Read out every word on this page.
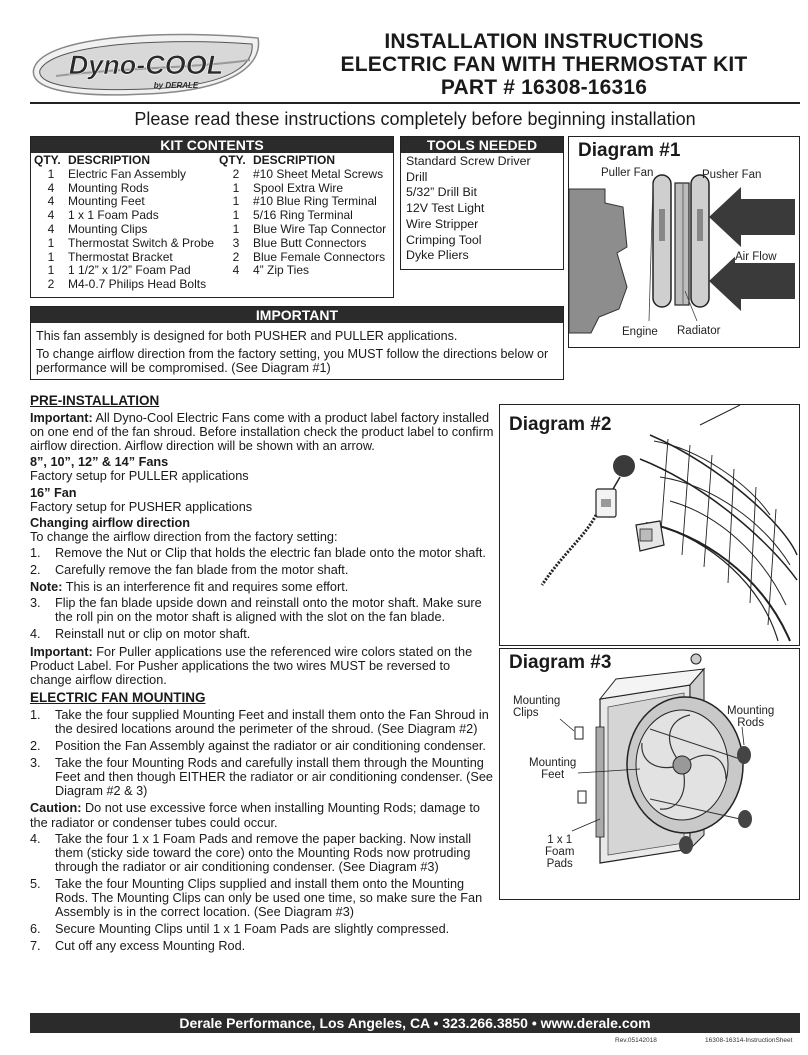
Dyno-COOL
by DERALE
INSTALLATION INSTRUCTIONS
ELECTRIC FAN WITH THERMOSTAT KIT
PART # 16308-16316
Please read these instructions completely before beginning installation
KIT CONTENTS
QTY. DESCRIPTION
1	Electric Fan Assembly
4	Mounting Rods
4	Mounting Feet
4	1 x 1 Foam Pads
4	Mounting Clips
1	Thermostat Switch & Probe
1	Thermostat Bracket
1	1 1/2” x 1/2” Foam Pad
2	M4-0.7 Philips Head Bolts
QTY. DESCRIPTION
2	#10 Sheet Metal Screws
1	Spool Extra Wire
1	#10 Blue Ring Terminal
1	5/16 Ring Terminal
1	Blue Wire Tap Connector
3	Blue Butt Connectors
2	Blue Female Connectors
4	4” Zip Ties
TOOLS NEEDED
Standard Screw Driver
Drill
5/32” Drill Bit
12V Test Light
Wire Stripper
Crimping Tool
Dyke Pliers
IMPORTANT

This fan assembly is designed for both PUSHER and PULLER applications.

To change airflow direction from the factory setting, you MUST follow the directions below or performance will be compromised. (See Diagram #1)

Diagram #1
Puller Fan	Pusher Fan
Air Flow
Engine Radiator
Diagram #2
Diagram #3
Mounting
Clips	Mounting
Rods
Mounting
Feet
1 x 1
Foam
Pads
PRE-INSTALLATION

Important: All Dyno-Cool Electric Fans come with a product label factory installed on one end of the fan shroud. Before installation check the product label to confirm airflow direction. Airflow direction will be shown with an arrow.

8”, 10”, 12” & 14” Fans

Factory setup for PULLER applications

16” Fan

Factory setup for PUSHER applications

Changing airflow direction

To change the airflow direction from the factory setting:

1.	Remove the Nut or Clip that holds the electric fan blade onto the motor shaft.
2.	Carefully remove the fan blade from the motor shaft.

Note: This is an interference fit and requires some effort.

3.	Flip the fan blade upside down and reinstall onto the motor shaft. Make sure the roll pin on the motor shaft is aligned with the slot on the fan blade.
4.	Reinstall nut or clip on motor shaft.

Important: For Puller applications use the referenced wire colors stated on the Product Label. For Pusher applications the two wires MUST be reversed to change airflow direction.

ELECTRIC FAN MOUNTING
1.	Take the four supplied Mounting Feet and install them onto the Fan Shroud in the desired locations around the perimeter of the shroud. (See Diagram #2)
2.	Position the Fan Assembly against the radiator or air conditioning condenser.
3.	Take the four Mounting Rods and carefully install them through the Mounting Feet and then though EITHER the radiator or air conditioning condenser. (See Diagram #2 & 3)

Caution: Do not use excessive force when installing Mounting Rods; damage to the radiator or condenser tubes could occur.

4.	Take the four 1 x 1 Foam Pads and remove the paper backing. Now install them (sticky side toward the core) onto the Mounting Rods now protruding through the radiator or air conditioning condenser. (See Diagram #3)
5.	Take the four Mounting Clips supplied and install them onto the Mounting Rods. The Mounting Clips can only be used one time, so make sure the Fan Assembly is in the correct location. (See Diagram #3)
6.	Secure Mounting Clips until 1 x 1 Foam Pads are slightly compressed.
7.	Cut off any excess Mounting Rod.
Derale Performance, Los Angeles, CA • 323.266.3850 • www.derale.com
Rev.05142018	16308-16314-InstructionSheet
